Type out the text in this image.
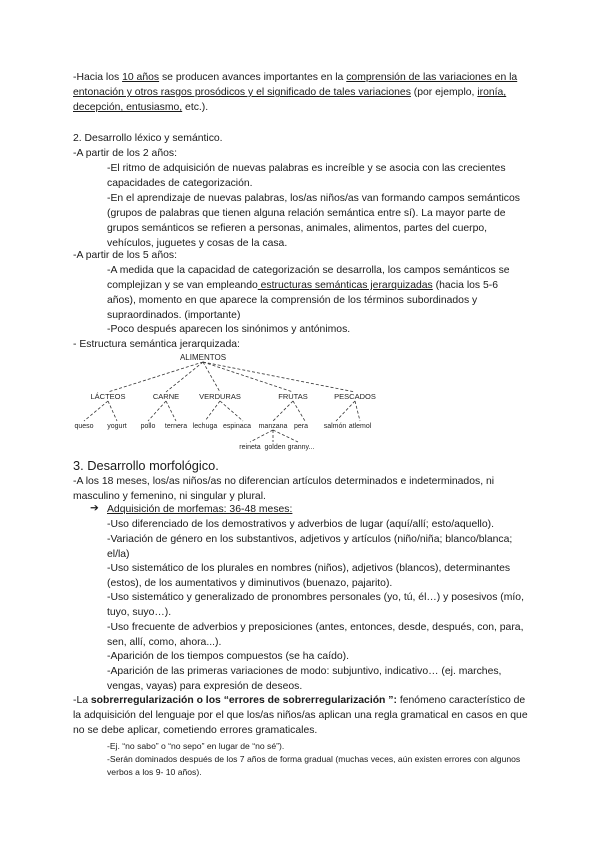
-Hacia los 10 años se producen avances importantes en la comprensión de las variaciones en la entonación y otros rasgos prosódicos y el significado de tales variaciones (por ejemplo, ironía, decepción, entusiasmo, etc.).

2. Desarrollo léxico y semántico.

-A partir de los 2 años:

-El ritmo de adquisición de nuevas palabras es increíble y se asocia con las crecientes capacidades de categorización.

-En el aprendizaje de nuevas palabras, los/as niños/as van formando campos semánticos (grupos de palabras que tienen alguna relación semántica entre sí). La mayor parte de grupos semánticos se refieren a personas, animales, alimentos, partes del cuerpo, vehículos, juguetes y cosas de la casa.

-A partir de los 5 años:

-A medida que la capacidad de categorización se desarrolla, los campos semánticos se complejizan y se van empleando estructuras semánticas jerarquizadas (hacia los 5-6 años), momento en que aparece la comprensión de los términos subordinados y supraordinados. (importante)

-Poco después aparecen los sinónimos y antónimos.

- Estructura semántica jerarquizada:

ALIMENTOS
LÁCTEOS	CARNE	VERDURAS	FRUTAS	PESCADOS
queso yogurt pollo ternera lechuga espinaca manzana pera salmón atlemol
reineta golden granny...

3. Desarrollo morfológico.

-A los 18 meses, los/as niños/as no diferencian artículos determinados e indeterminados, ni masculino y femenino, ni singular y plural.

➔ Adquisición de morfemas: 36-48 meses:

-Uso diferenciado de los demostrativos y adverbios de lugar (aquí/allí; esto/aquello).

-Variación de género en los substantivos, adjetivos y artículos (niño/niña; blanco/blanca; el/la)

-Uso sistemático de los plurales en nombres (niños), adjetivos (blancos), determinantes (estos), de los aumentativos y diminutivos (buenazo, pajarito).

-Uso sistemático y generalizado de pronombres personales (yo, tú, él…) y posesivos (mío, tuyo, suyo…).

-Uso frecuente de adverbios y preposiciones (antes, entonces, desde, después, con, para, sen, allí, como, ahora...).

-Aparición de los tiempos compuestos (se ha caído).

-Aparición de las primeras variaciones de modo: subjuntivo, indicativo… (ej. marches, vengas, vayas) para expresión de deseos.

-La sobrerregularización o los “errores de sobrerregularización ”: fenómeno característico de la adquisición del lenguaje por el que los/as niños/as aplican una regla gramatical en casos en que no se debe aplicar, cometiendo errores gramaticales.

-Ej. “no sabo” o “no sepo” en lugar de “no sé”).

-Serán dominados después de los 7 años de forma gradual (muchas veces, aún existen errores con algunos verbos a los 9- 10 años).
